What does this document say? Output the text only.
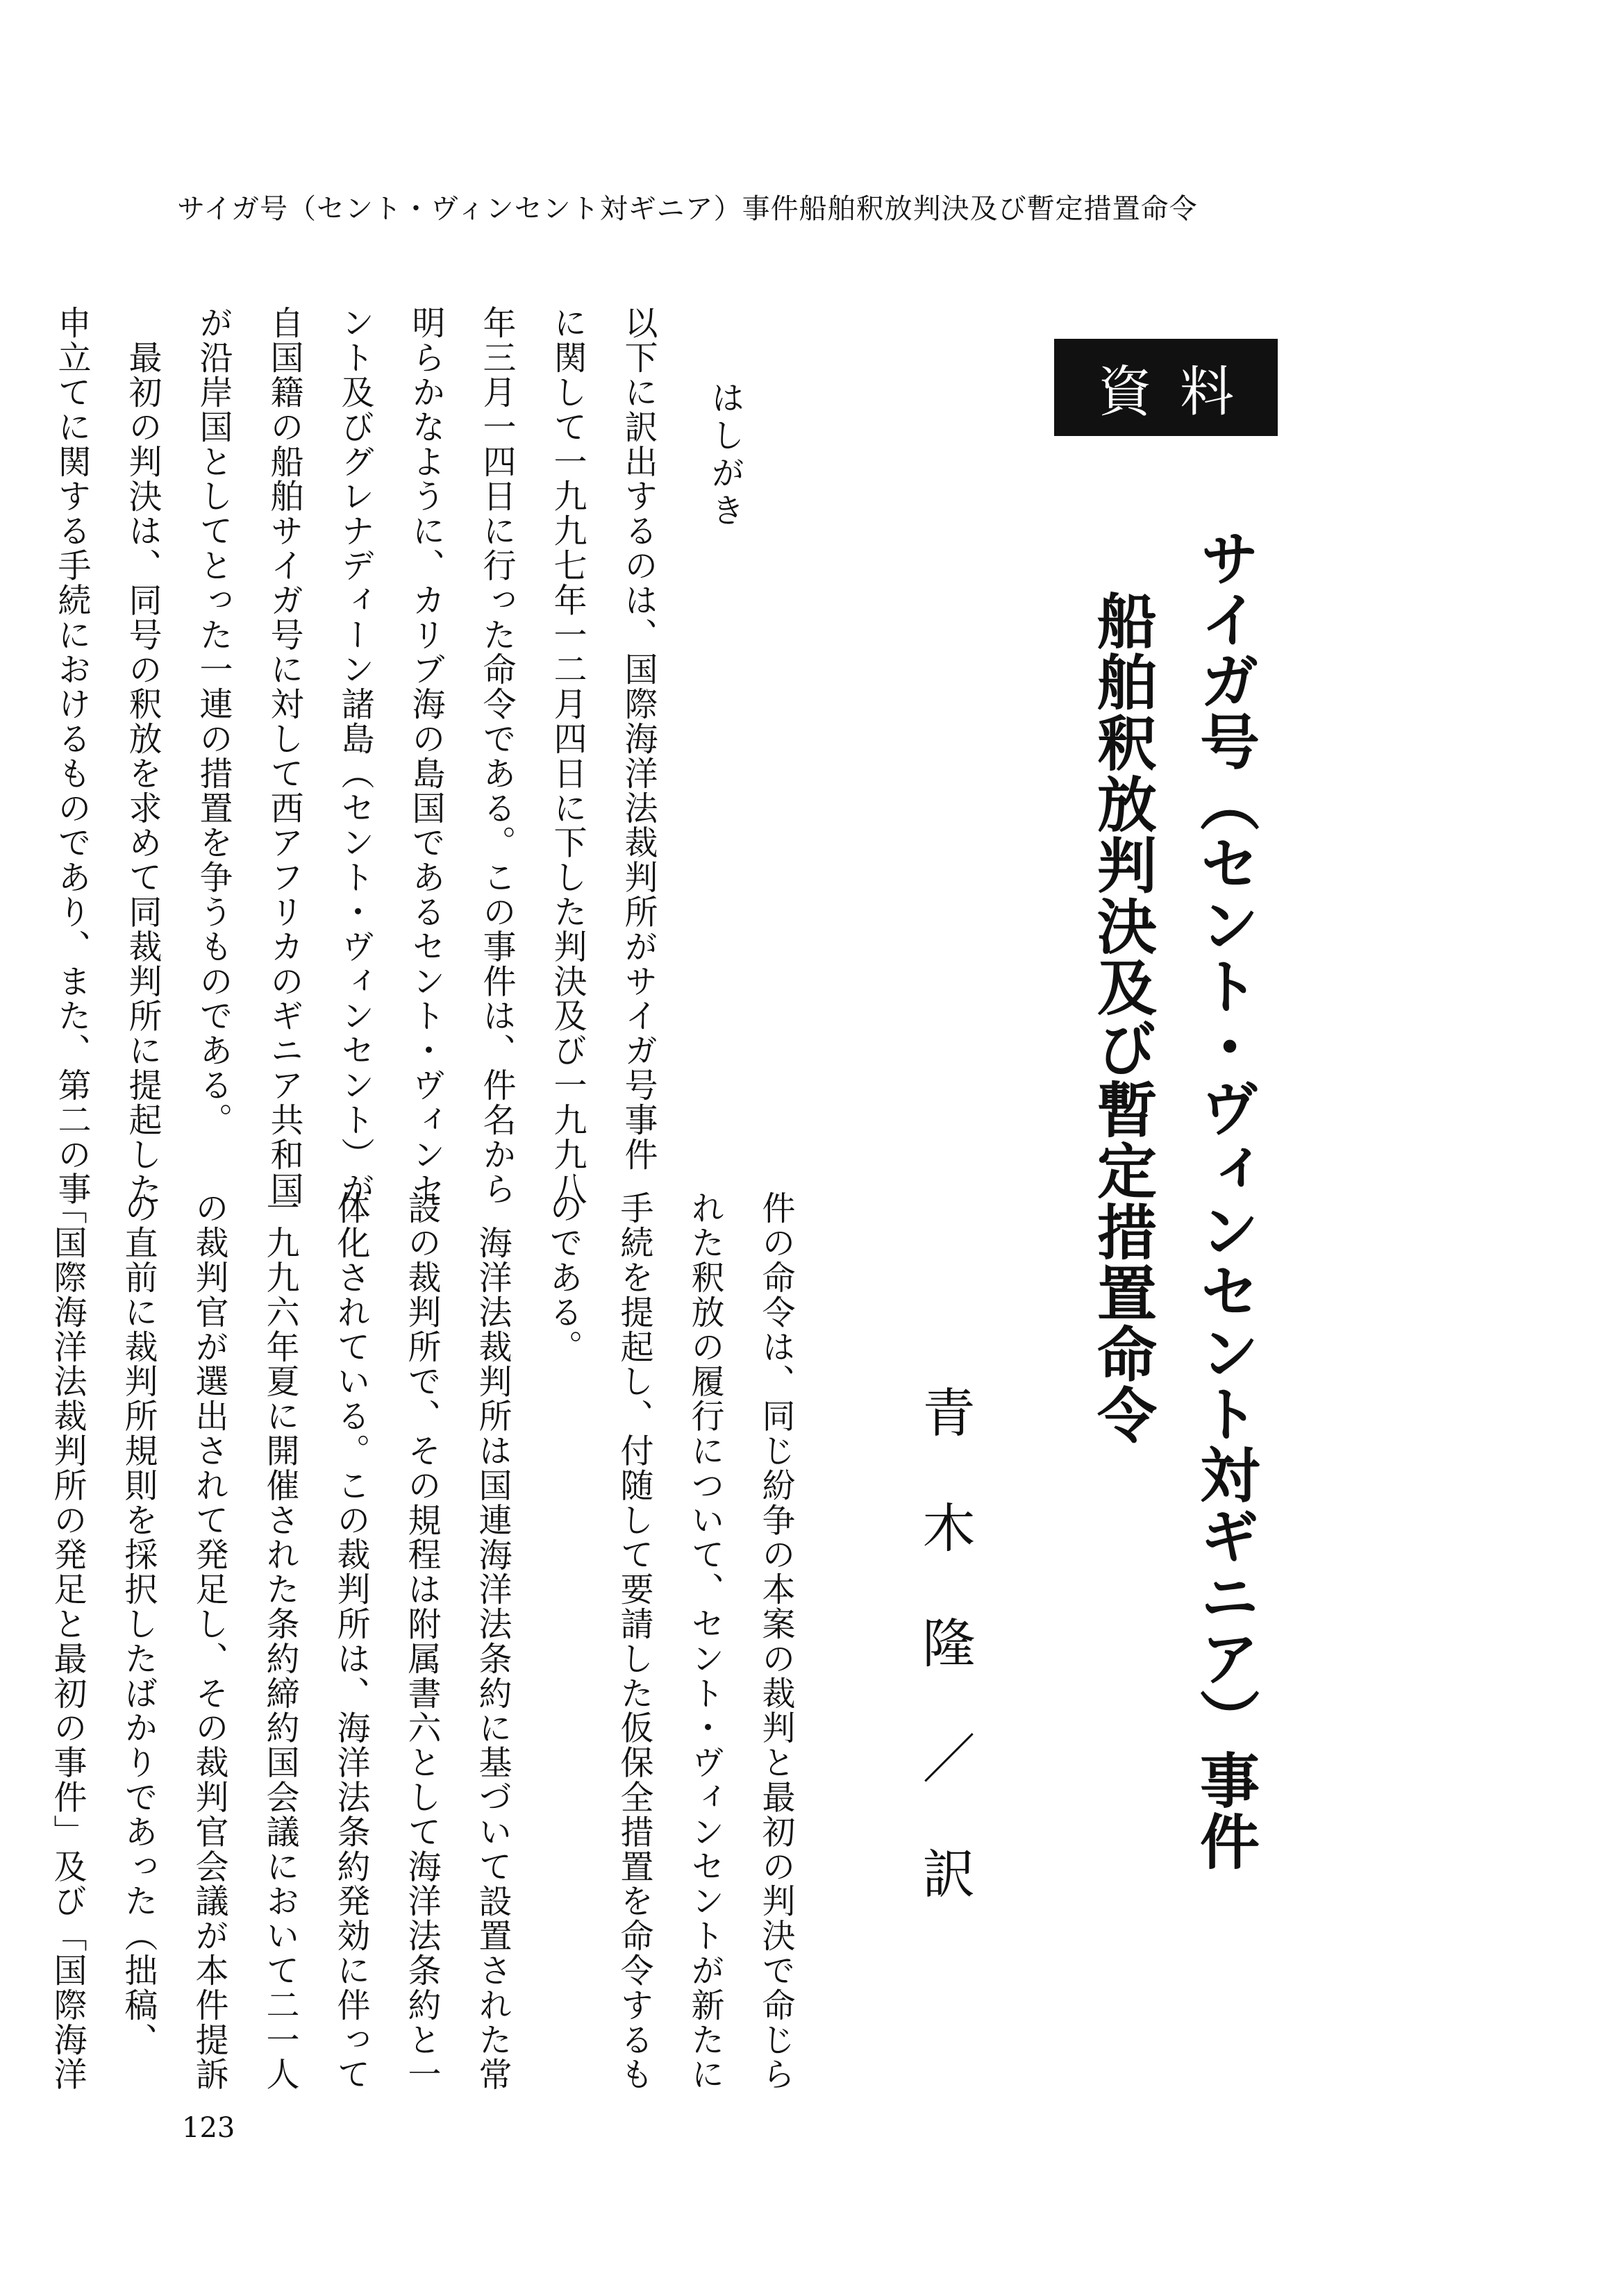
サイガ号（セント・ヴィンセント対ギニア）事件船舶釈放判決及び暫定措置命令
資料
サイガ号（セント・ヴィンセント対ギニア）事件
船舶釈放判決及び暫定措置命令
青木隆／訳
はしがき
以下に訳出するのは、国際海洋法裁判所がサイガ号事件
に関して一九九七年一二月四日に下した判決及び一九九八
年三月一四日に行った命令である。この事件は、件名から
明らかなように、カリブ海の島国であるセント・ヴィンセ
ント及びグレナディーン諸島（セント・ヴィンセント）が
自国籍の船舶サイガ号に対して西アフリカのギニア共和国
が沿岸国としてとった一連の措置を争うものである。
最初の判決は、同号の釈放を求めて同裁判所に提起した
申立てに関する手続におけるものであり、また、第二の事
件の命令は、同じ紛争の本案の裁判と最初の判決で命じら
れた釈放の履行について、セント・ヴィンセントが新たに
手続を提起し、付随して要請した仮保全措置を命令するも
のである。
海洋法裁判所は国連海洋法条約に基づいて設置された常
設の裁判所で、その規程は附属書六として海洋法条約と一
体化されている。この裁判所は、海洋法条約発効に伴って
一九九六年夏に開催された条約締約国会議において二一人
の裁判官が選出されて発足し、その裁判官会議が本件提訴
の直前に裁判所規則を採択したばかりであった（拙稿、
「国際海洋法裁判所の発足と最初の事件」及び「国際海洋
123
